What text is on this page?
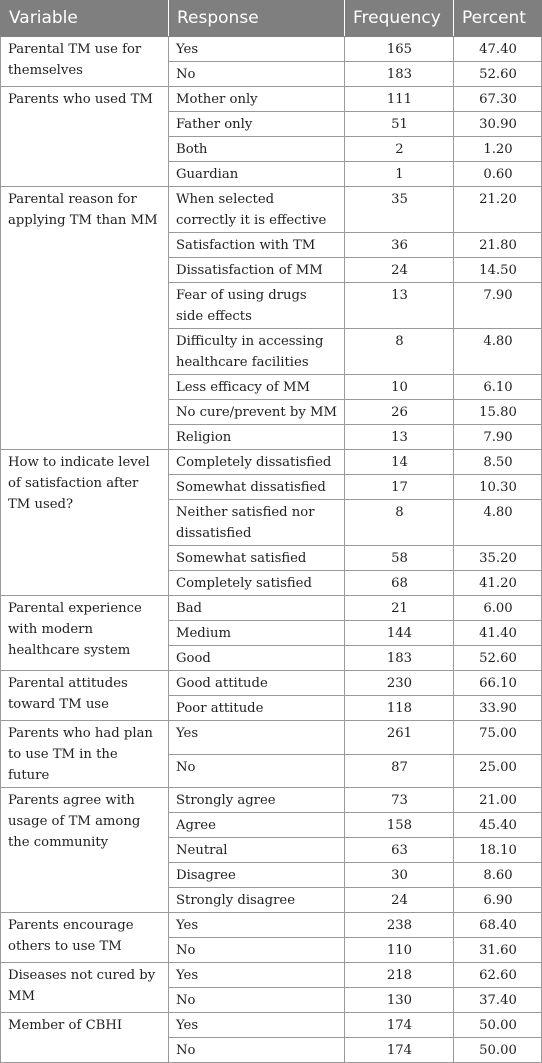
Variable	Response	Frequency	Percent
Parental TM use for themselves	Yes	165	47.40
	No	183	52.60
Parents who used TM	Mother only	111	67.30
	Father only	51	30.90
	Both	2	1.20
	Guardian	1	0.60
Parental reason for applying TM than MM	When selected correctly it is effective	35	21.20
	Satisfaction with TM	36	21.80
	Dissatisfaction of MM	24	14.50
	Fear of using drugs side effects	13	7.90
	Difficulty in accessing healthcare facilities	8	4.80
	Less efficacy of MM	10	6.10
	No cure/prevent by MM	26	15.80
	Religion	13	7.90
How to indicate level of satisfaction after TM used?	Completely dissatisfied	14	8.50
	Somewhat dissatisfied	17	10.30
	Neither satisfied nor dissatisfied	8	4.80
	Somewhat satisfied	58	35.20
	Completely satisfied	68	41.20
Parental experience with modern healthcare system	Bad	21	6.00
	Medium	144	41.40
	Good	183	52.60
Parental attitudes toward TM use	Good attitude	230	66.10
	Poor attitude	118	33.90
Parents who had plan to use TM in the future	Yes	261	75.00
	No	87	25.00
Parents agree with usage of TM among the community	Strongly agree	73	21.00
	Agree	158	45.40
	Neutral	63	18.10
	Disagree	30	8.60
	Strongly disagree	24	6.90
Parents encourage others to use TM	Yes	238	68.40
	No	110	31.60
Diseases not cured by MM	Yes	218	62.60
	No	130	37.40
Member of CBHI	Yes	174	50.00
	No	174	50.00
